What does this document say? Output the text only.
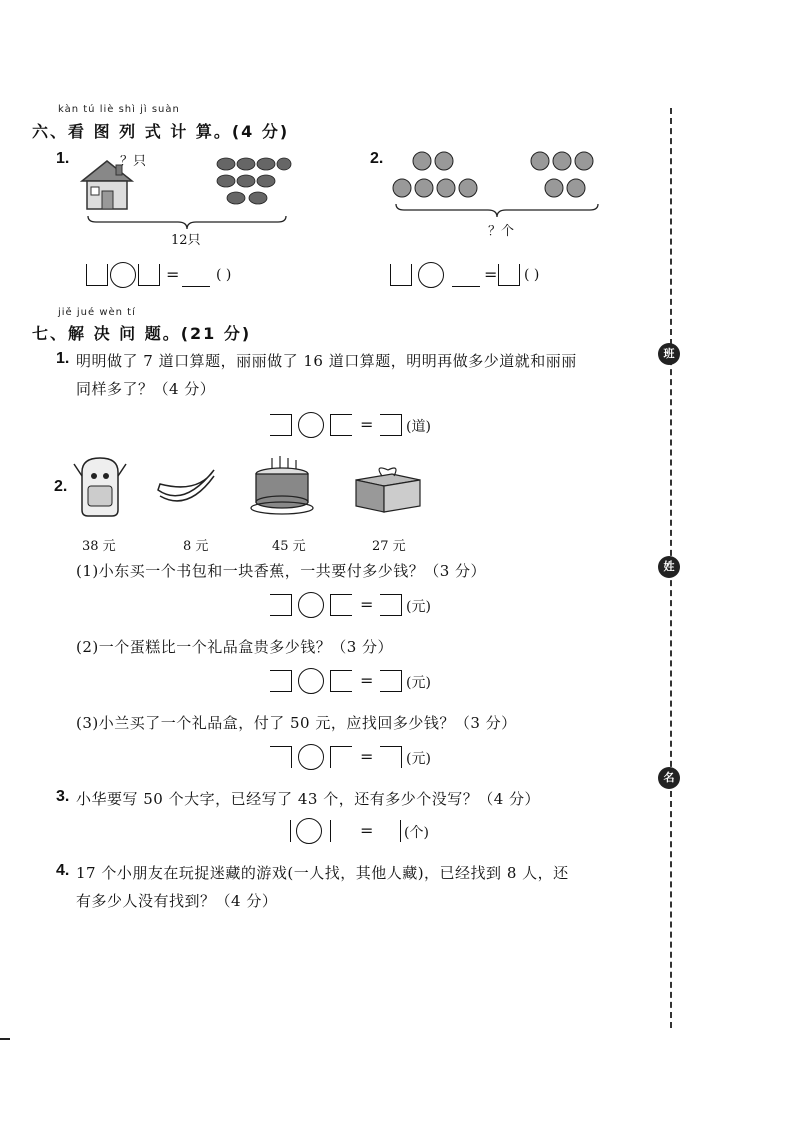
kàn tú liè shì jì suàn
六、看 图 列 式 计 算。(4 分)
1.	？只
12只
=	( )
2.
？个
= ( )
jiě jué wèn tí
七、解 决 问 题。(21 分)
1. 明明做了 7 道口算题，丽丽做了 16 道口算题，明明再做多少道就和丽丽
同样多了？（4 分）
= (道)
2.
38 元	8 元	45 元	27 元
(1)小东买一个书包和一块香蕉，一共要付多少钱？（3 分）
= (元)
(2)一个蛋糕比一个礼品盒贵多少钱？（3 分）
= (元)
(3)小兰买了一个礼品盒，付了 50 元，应找回多少钱？（3 分）
= (元)
3. 小华要写 50 个大字，已经写了 43 个，还有多少个没写？（4 分）
= (个)
4. 17 个小朋友在玩捉迷藏的游戏(一人找，其他人藏)，已经找到 8 人，还
有多少人没有找到？（4 分）
班
姓
名
